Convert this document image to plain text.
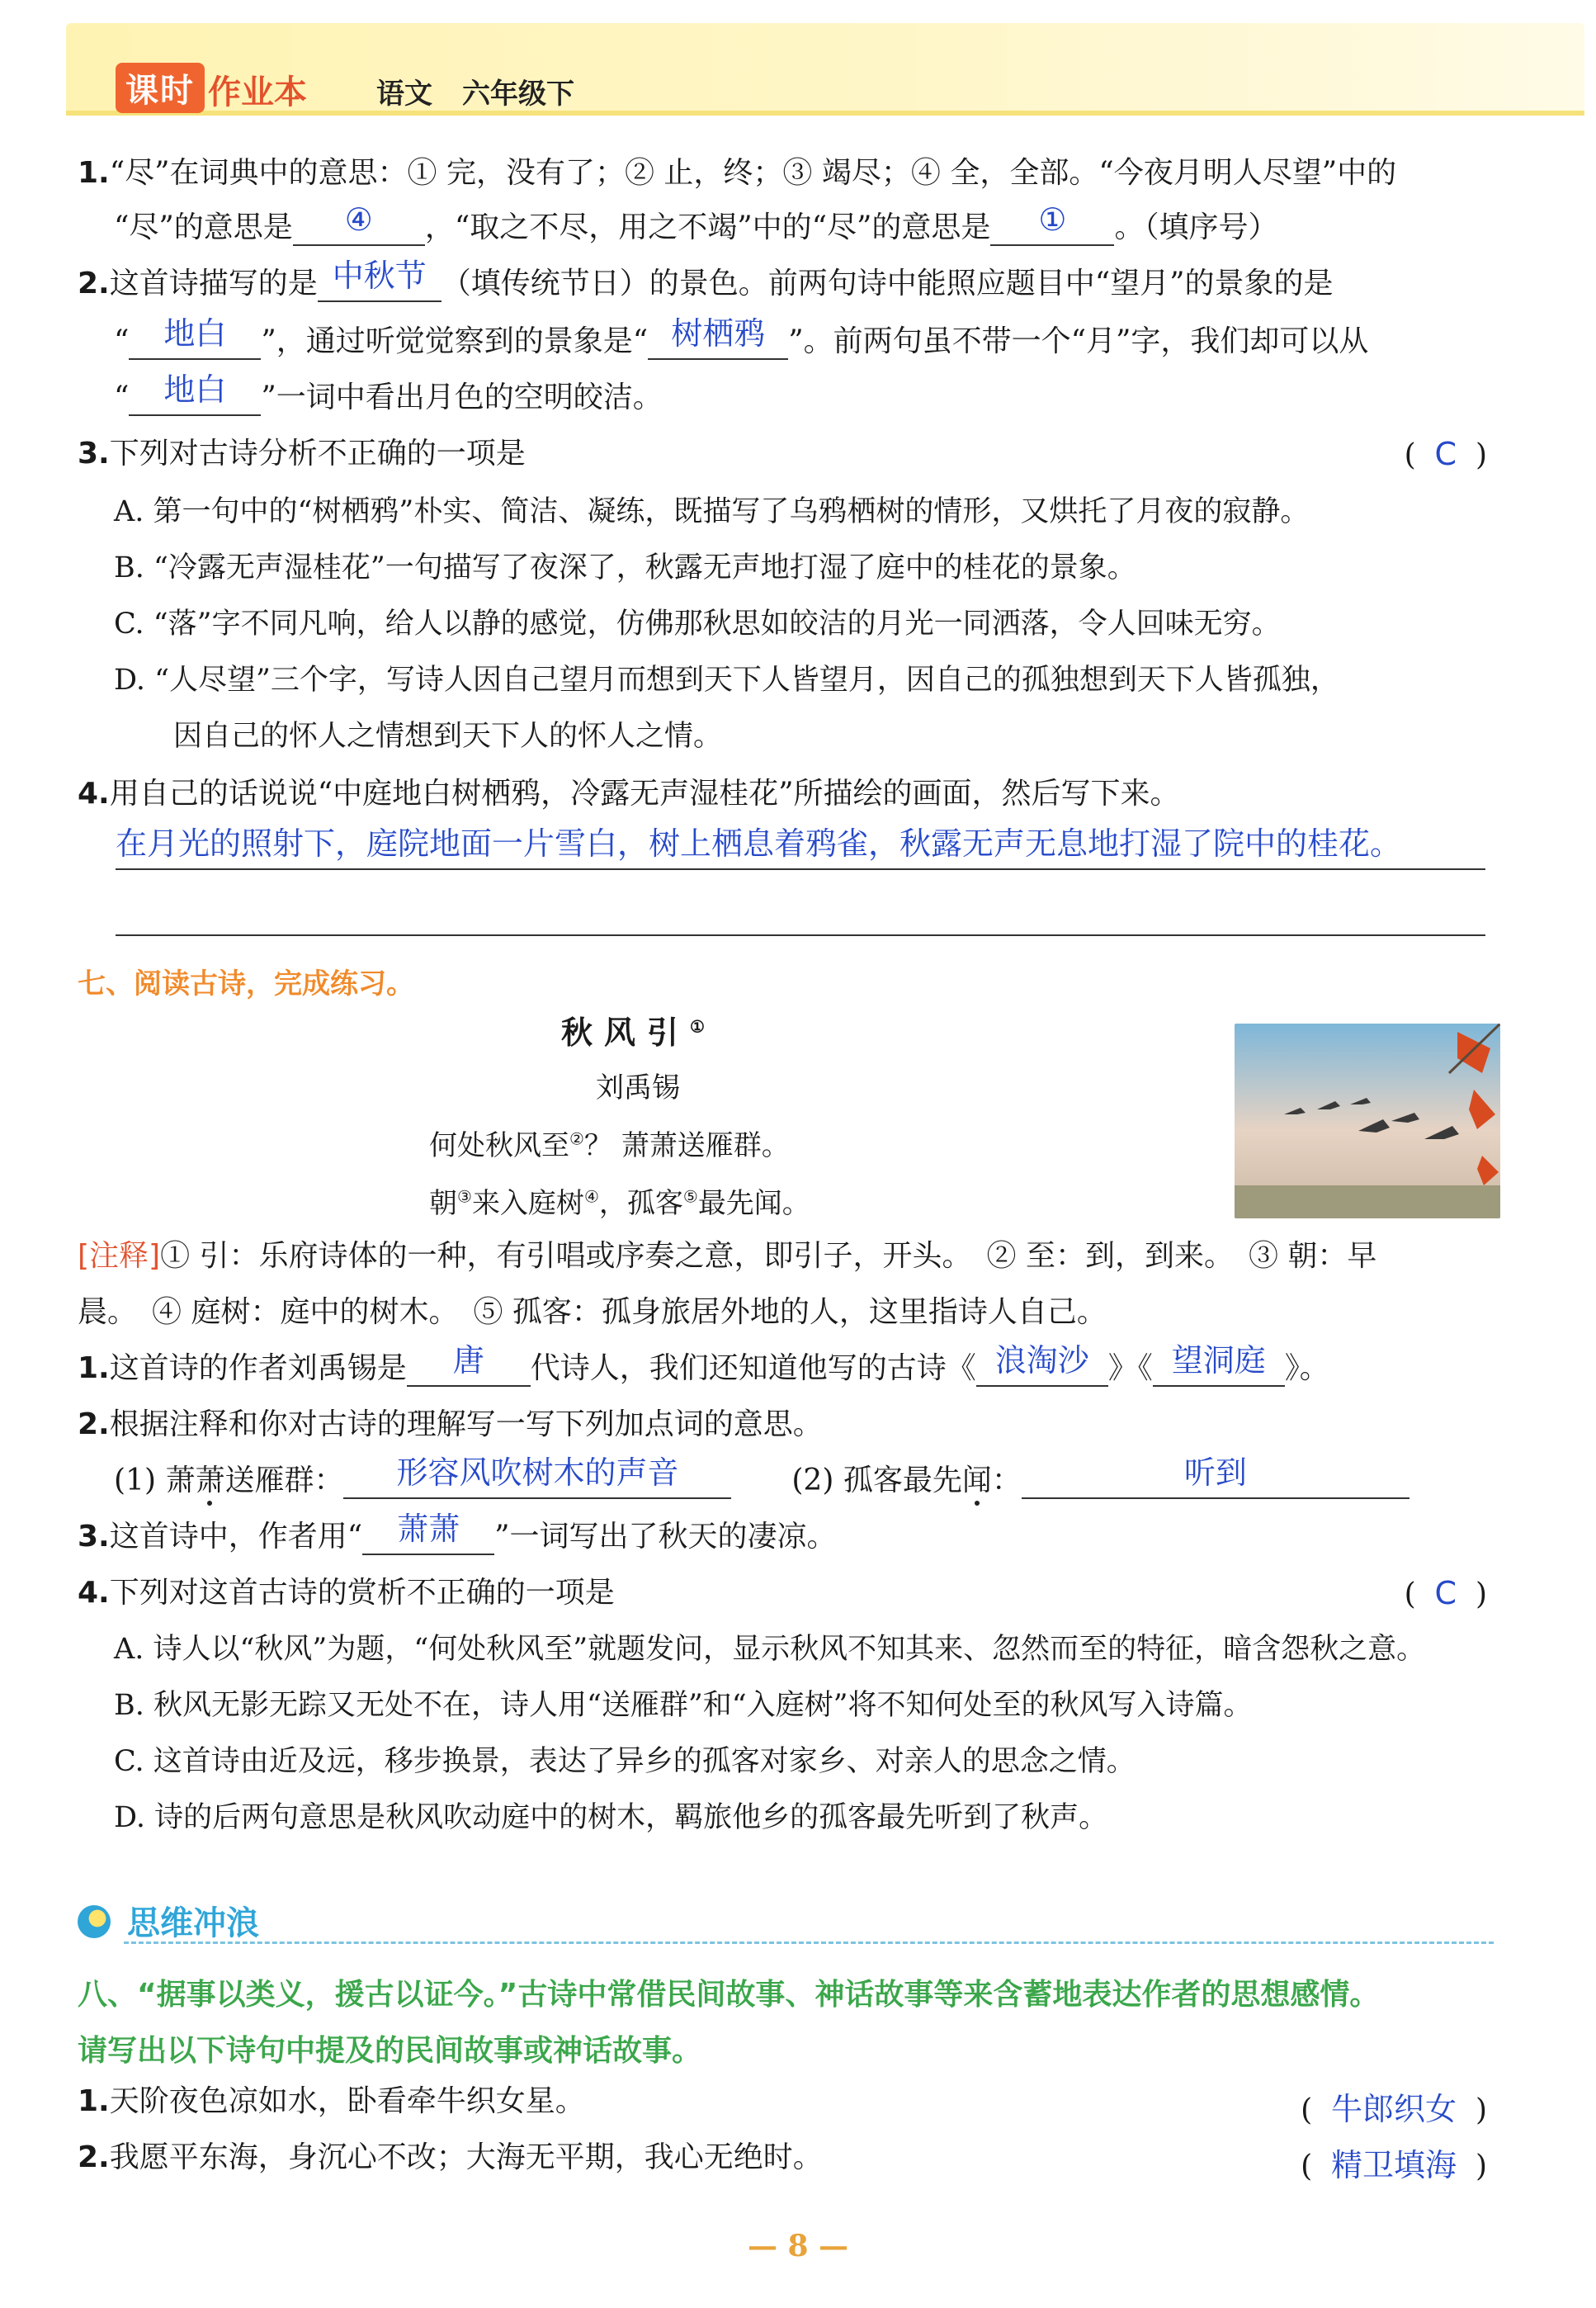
课时 作业本 语文 六年级下
1.“尽”在词典中的意思：① 完，没有了；② 止，终；③ 竭尽；④ 全，全部。“今夜月明人尽望”中的
“尽”的意思是 ④ ，“取之不尽，用之不竭”中的“尽”的意思是 ① 。（填序号）
2.这首诗描写的是 中秋节 （填传统节日）的景色。前两句诗中能照应题目中“望月”的景象的是
“ 地白 ”，通过听觉觉察到的景象是“ 树栖鸦 ”。前两句虽不带一个“月”字，我们却可以从
“ 地白 ”一词中看出月色的空明皎洁。
3.下列对古诗分析不正确的一项是	(  C  )
A. 第一句中的“树栖鸦”朴实、简洁、凝练，既描写了乌鸦栖树的情形，又烘托了月夜的寂静。
B. “冷露无声湿桂花”一句描写了夜深了，秋露无声地打湿了庭中的桂花的景象。
C. “落”字不同凡响，给人以静的感觉，仿佛那秋思如皎洁的月光一同洒落，令人回味无穷。
D. “人尽望”三个字，写诗人因自己望月而想到天下人皆望月，因自己的孤独想到天下人皆孤独，
因自己的怀人之情想到天下人的怀人之情。
4.用自己的话说说“中庭地白树栖鸦，冷露无声湿桂花”所描绘的画面，然后写下来。
在月光的照射下，庭院地面一片雪白，树上栖息着鸦雀，秋露无声无息地打湿了院中的桂花。
七、阅读古诗，完成练习。
秋风引①
刘禹锡
何处秋风至②？ 萧萧送雁群。
朝③来入庭树④，孤客⑤最先闻。
[注释]① 引：乐府诗体的一种，有引唱或序奏之意，即引子，开头。　② 至：到，到来。　③ 朝：早
晨。　④ 庭树：庭中的树木。　⑤ 孤客：孤身旅居外地的人，这里指诗人自己。
1.这首诗的作者刘禹锡是 唐 代诗人，我们还知道他写的古诗《 浪淘沙 》《 望洞庭 》。
2.根据注释和你对古诗的理解写一写下列加点词的意思。
(1) 萧萧送雁群： 形容风吹树木的声音	(2) 孤客最先闻：	听到
3.这首诗中，作者用“ 萧萧 ”一词写出了秋天的凄凉。
4.下列对这首古诗的赏析不正确的一项是	(  C  )
A. 诗人以“秋风”为题，“何处秋风至”就题发问，显示秋风不知其来、忽然而至的特征，暗含怨秋之意。
B. 秋风无影无踪又无处不在，诗人用“送雁群”和“入庭树”将不知何处至的秋风写入诗篇。
C. 这首诗由近及远，移步换景，表达了异乡的孤客对家乡、对亲人的思念之情。
D. 诗的后两句意思是秋风吹动庭中的树木，羁旅他乡的孤客最先听到了秋声。
思维冲浪
八、“据事以类义，援古以证今。”古诗中常借民间故事、神话故事等来含蓄地表达作者的思想感情。
请写出以下诗句中提及的民间故事或神话故事。
1.天阶夜色凉如水，卧看牵牛织女星。	(  牛郎织女  )
2.我愿平东海，身沉心不改；大海无平期，我心无绝时。	(  精卫填海  )
— 8 —
